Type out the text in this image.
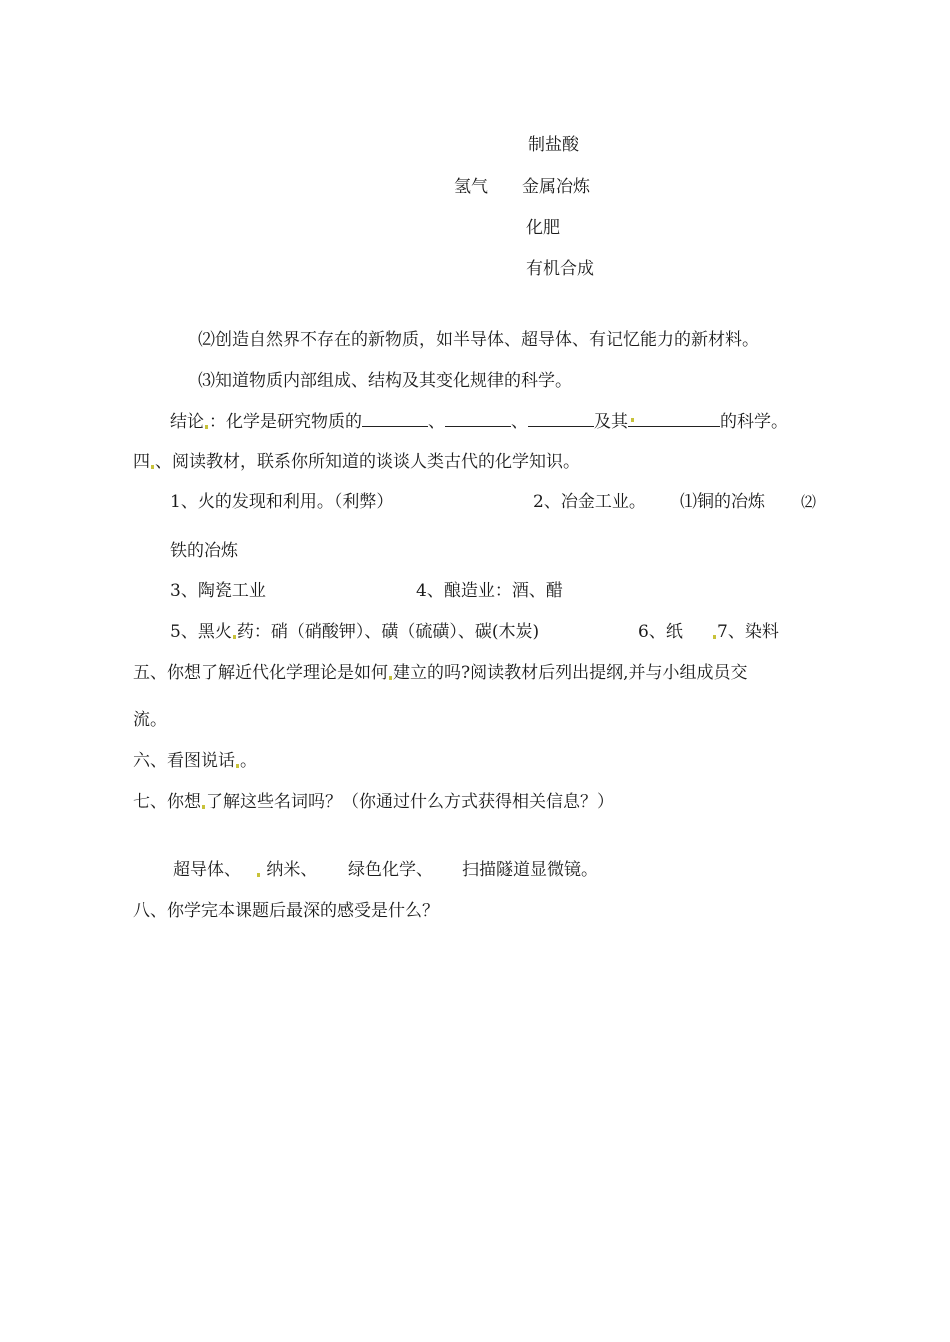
制盐酸
氢气 金属冶炼
化肥
有机合成
⑵创造自然界不存在的新物质，如半导体、超导体、有记忆能力的新材料。
⑶知道物质内部组成、结构及其变化规律的科学。
结论 ：化学是研究物质的	、	、	及其	的科学。
四 、阅读教材，联系你所知道的谈谈人类古代的化学知识。
1、火的发现和利用。（利弊）	2、冶金工业。 ⑴铜的冶炼 ⑵
铁的冶炼
3、陶瓷工业	4、酿造业：酒、醋
5、黑火 药：硝（硝酸钾）、磺（硫磺）、碳(木炭)	6、纸 7、染料
五、你想了解近代化学理论是如何 建立的吗?阅读教材后列出提纲,并与小组成员交
流。
六、看图说话 。
七、你想 了解这些名词吗？（你通过什么方式获得相关信息？）
超导体、	纳米、 绿色化学、 扫描隧道显微镜。
八、你学完本课题后最深的感受是什么？
